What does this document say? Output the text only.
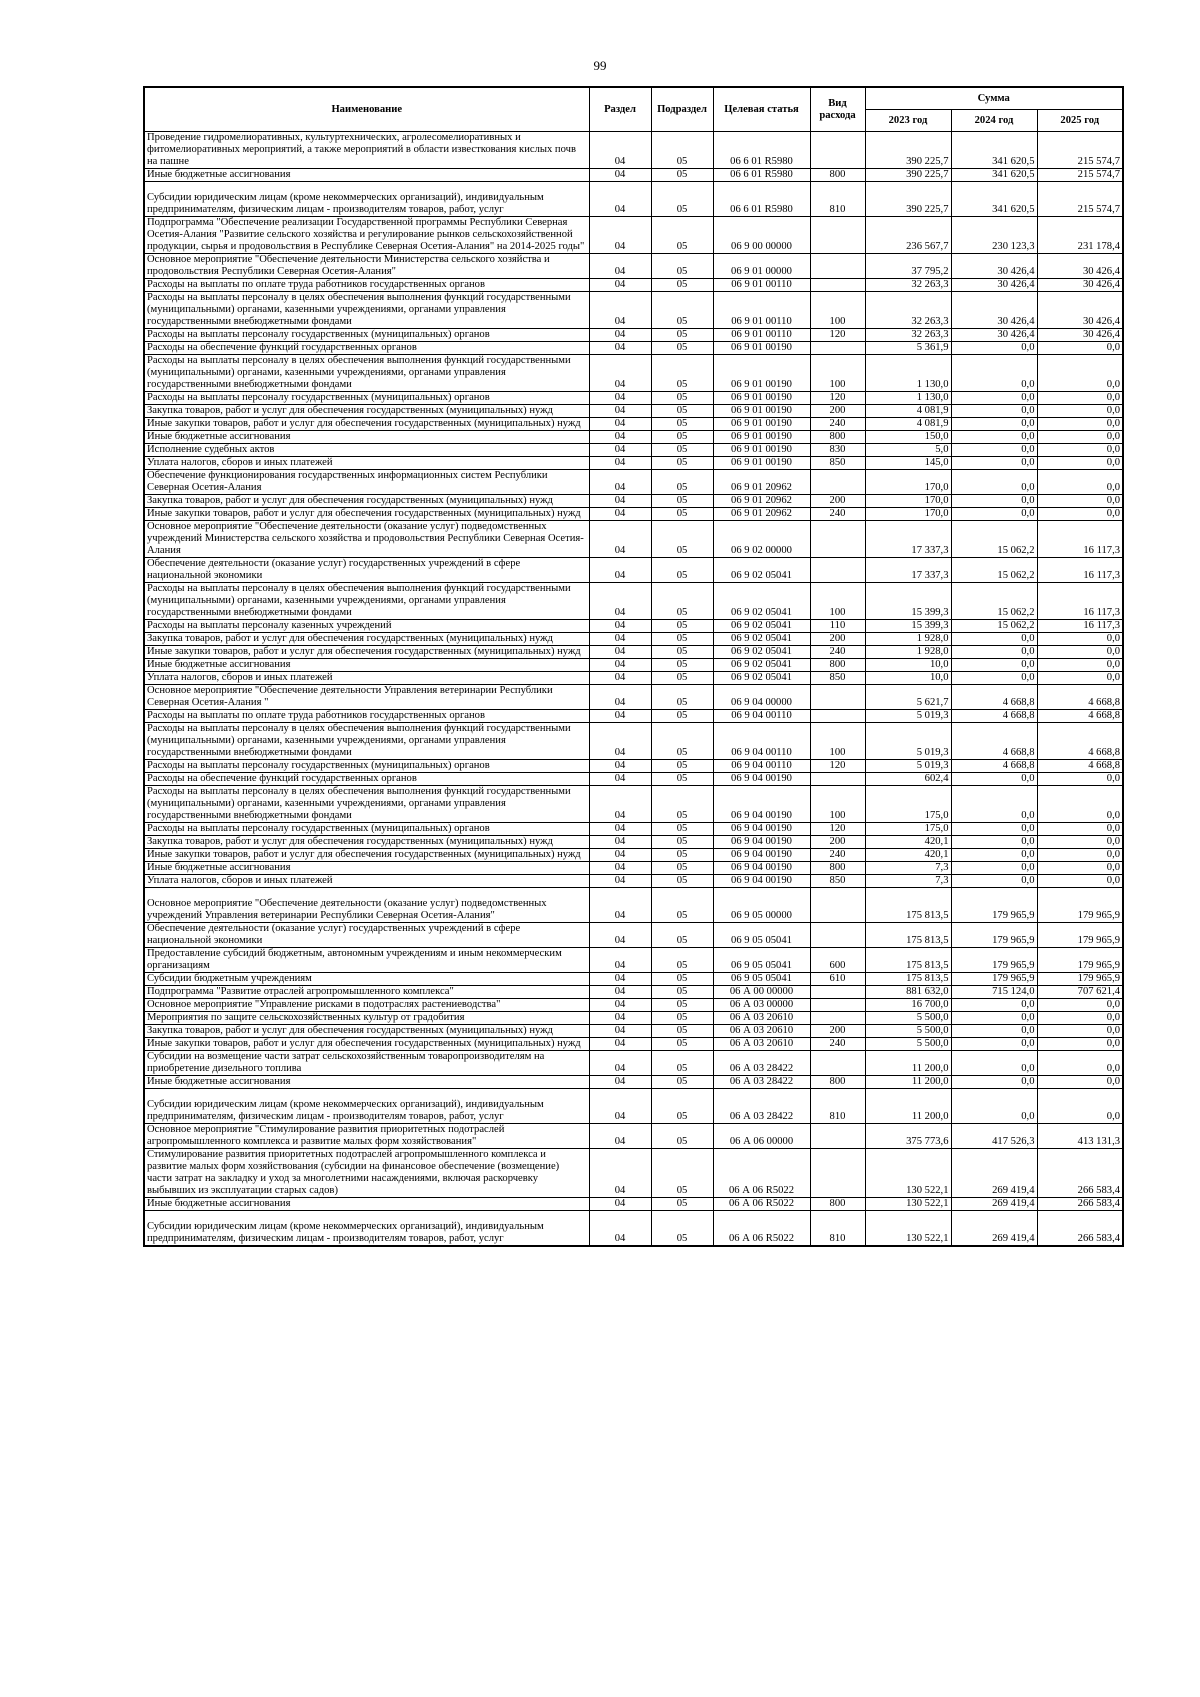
99
Наименование	Раздел	Подраздел	Целевая статья	Вид расхода	Сумма		
					2023 год	2024 год	2025 год
Проведение гидромелиоративных, культуртехнических, агролесомелиоративных и фитомелиоративных мероприятий, а также мероприятий в области известкования кислых почв на пашне	04	05	06 6 01 R5980		390 225,7	341 620,5	215 574,7
Иные бюджетные ассигнования	04	05	06 6 01 R5980	800	390 225,7	341 620,5	215 574,7
Субсидии юридическим лицам (кроме некоммерческих организаций), индивидуальным предпринимателям, физическим лицам - производителям товаров, работ, услуг	04	05	06 6 01 R5980	810	390 225,7	341 620,5	215 574,7
Подпрограмма "Обеспечение реализации Государственной программы Республики Северная Осетия-Алания "Развитие сельского хозяйства и регулирование рынков сельскохозяйственной продукции, сырья и продовольствия в Республике Северная Осетия-Алания" на 2014-2025 годы"	04	05	06 9 00 00000		236 567,7	230 123,3	231 178,4
Основное мероприятие "Обеспечение деятельности Министерства сельского хозяйства и продовольствия Республики Северная Осетия-Алания"	04	05	06 9 01 00000		37 795,2	30 426,4	30 426,4
Расходы на выплаты по оплате труда работников государственных органов	04	05	06 9 01 00110		32 263,3	30 426,4	30 426,4
Расходы на выплаты персоналу в целях обеспечения выполнения функций государственными (муниципальными) органами, казенными учреждениями, органами управления государственными внебюджетными фондами	04	05	06 9 01 00110	100	32 263,3	30 426,4	30 426,4
Расходы на выплаты персоналу государственных (муниципальных) органов	04	05	06 9 01 00110	120	32 263,3	30 426,4	30 426,4
Расходы на обеспечение функций государственных органов	04	05	06 9 01 00190		5 361,9	0,0	0,0
Расходы на выплаты персоналу в целях обеспечения выполнения функций государственными (муниципальными) органами, казенными учреждениями, органами управления государственными внебюджетными фондами	04	05	06 9 01 00190	100	1 130,0	0,0	0,0
Расходы на выплаты персоналу государственных (муниципальных) органов	04	05	06 9 01 00190	120	1 130,0	0,0	0,0
Закупка товаров, работ и услуг для обеспечения государственных (муниципальных) нужд	04	05	06 9 01 00190	200	4 081,9	0,0	0,0
Иные закупки товаров, работ и услуг для обеспечения государственных (муниципальных) нужд	04	05	06 9 01 00190	240	4 081,9	0,0	0,0
Иные бюджетные ассигнования	04	05	06 9 01 00190	800	150,0	0,0	0,0
Исполнение судебных актов	04	05	06 9 01 00190	830	5,0	0,0	0,0
Уплата налогов, сборов и иных платежей	04	05	06 9 01 00190	850	145,0	0,0	0,0
Обеспечение функционирования государственных информационных систем Республики Северная Осетия-Алания	04	05	06 9 01 20962		170,0	0,0	0,0
Закупка товаров, работ и услуг для обеспечения государственных (муниципальных) нужд	04	05	06 9 01 20962	200	170,0	0,0	0,0
Иные закупки товаров, работ и услуг для обеспечения государственных (муниципальных) нужд	04	05	06 9 01 20962	240	170,0	0,0	0,0
Основное мероприятие "Обеспечение деятельности (оказание услуг) подведомственных учреждений Министерства сельского хозяйства и продовольствия Республики Северная Осетия-Алания	04	05	06 9 02 00000		17 337,3	15 062,2	16 117,3
Обеспечение деятельности (оказание услуг) государственных учреждений в сфере национальной экономики	04	05	06 9 02 05041		17 337,3	15 062,2	16 117,3
Расходы на выплаты персоналу в целях обеспечения выполнения функций государственными (муниципальными) органами, казенными учреждениями, органами управления государственными внебюджетными фондами	04	05	06 9 02 05041	100	15 399,3	15 062,2	16 117,3
Расходы на выплаты персоналу казенных учреждений	04	05	06 9 02 05041	110	15 399,3	15 062,2	16 117,3
Закупка товаров, работ и услуг для обеспечения государственных (муниципальных) нужд	04	05	06 9 02 05041	200	1 928,0	0,0	0,0
Иные закупки товаров, работ и услуг для обеспечения государственных (муниципальных) нужд	04	05	06 9 02 05041	240	1 928,0	0,0	0,0
Иные бюджетные ассигнования	04	05	06 9 02 05041	800	10,0	0,0	0,0
Уплата налогов, сборов и иных платежей	04	05	06 9 02 05041	850	10,0	0,0	0,0
Основное мероприятие "Обеспечение деятельности Управления ветеринарии Республики Северная Осетия-Алания "	04	05	06 9 04 00000		5 621,7	4 668,8	4 668,8
Расходы на выплаты по оплате труда работников государственных органов	04	05	06 9 04 00110		5 019,3	4 668,8	4 668,8
Расходы на выплаты персоналу в целях обеспечения выполнения функций государственными (муниципальными) органами, казенными учреждениями, органами управления государственными внебюджетными фондами	04	05	06 9 04 00110	100	5 019,3	4 668,8	4 668,8
Расходы на выплаты персоналу государственных (муниципальных) органов	04	05	06 9 04 00110	120	5 019,3	4 668,8	4 668,8
Расходы на обеспечение функций государственных органов	04	05	06 9 04 00190		602,4	0,0	0,0
Расходы на выплаты персоналу в целях обеспечения выполнения функций государственными (муниципальными) органами, казенными учреждениями, органами управления государственными внебюджетными фондами	04	05	06 9 04 00190	100	175,0	0,0	0,0
Расходы на выплаты персоналу государственных (муниципальных) органов	04	05	06 9 04 00190	120	175,0	0,0	0,0
Закупка товаров, работ и услуг для обеспечения государственных (муниципальных) нужд	04	05	06 9 04 00190	200	420,1	0,0	0,0
Иные закупки товаров, работ и услуг для обеспечения государственных (муниципальных) нужд	04	05	06 9 04 00190	240	420,1	0,0	0,0
Иные бюджетные ассигнования	04	05	06 9 04 00190	800	7,3	0,0	0,0
Уплата налогов, сборов и иных платежей	04	05	06 9 04 00190	850	7,3	0,0	0,0
Основное мероприятие "Обеспечение деятельности (оказание услуг) подведомственных учреждений Управления ветеринарии Республики Северная Осетия-Алания"	04	05	06 9 05 00000		175 813,5	179 965,9	179 965,9
Обеспечение деятельности (оказание услуг) государственных учреждений в сфере национальной экономики	04	05	06 9 05 05041		175 813,5	179 965,9	179 965,9
Предоставление субсидий бюджетным, автономным учреждениям и иным некоммерческим организациям	04	05	06 9 05 05041	600	175 813,5	179 965,9	179 965,9
Субсидии бюджетным учреждениям	04	05	06 9 05 05041	610	175 813,5	179 965,9	179 965,9
Подпрограмма "Развитие отраслей агропромышленного комплекса"	04	05	06 А 00 00000		881 632,0	715 124,0	707 621,4
Основное мероприятие "Управление рисками в подотраслях растениеводства"	04	05	06 А 03 00000		16 700,0	0,0	0,0
Мероприятия по защите сельскохозяйственных культур от градобития	04	05	06 А 03 20610		5 500,0	0,0	0,0
Закупка товаров, работ и услуг для обеспечения государственных (муниципальных) нужд	04	05	06 А 03 20610	200	5 500,0	0,0	0,0
Иные закупки товаров, работ и услуг для обеспечения государственных (муниципальных) нужд	04	05	06 А 03 20610	240	5 500,0	0,0	0,0
Субсидии на возмещение части затрат сельскохозяйственным товаропроизводителям на приобретение дизельного топлива	04	05	06 А 03 28422		11 200,0	0,0	0,0
Иные бюджетные ассигнования	04	05	06 А 03 28422	800	11 200,0	0,0	0,0
Субсидии юридическим лицам (кроме некоммерческих организаций), индивидуальным предпринимателям, физическим лицам - производителям товаров, работ, услуг	04	05	06 А 03 28422	810	11 200,0	0,0	0,0
Основное мероприятие "Стимулирование развития приоритетных подотраслей агропромышленного комплекса и развитие малых форм хозяйствования"	04	05	06 А 06 00000		375 773,6	417 526,3	413 131,3
Стимулирование развития приоритетных подотраслей агропромышленного комплекса и развитие малых форм хозяйствования (субсидии на финансовое обеспечение (возмещение) части затрат на закладку и уход за многолетними насаждениями, включая раскорчевку выбывших из эксплуатации старых садов)	04	05	06 А 06 R5022		130 522,1	269 419,4	266 583,4
Иные бюджетные ассигнования	04	05	06 А 06 R5022	800	130 522,1	269 419,4	266 583,4
Субсидии юридическим лицам (кроме некоммерческих организаций), индивидуальным предпринимателям, физическим лицам - производителям товаров, работ, услуг	04	05	06 А 06 R5022	810	130 522,1	269 419,4	266 583,4
